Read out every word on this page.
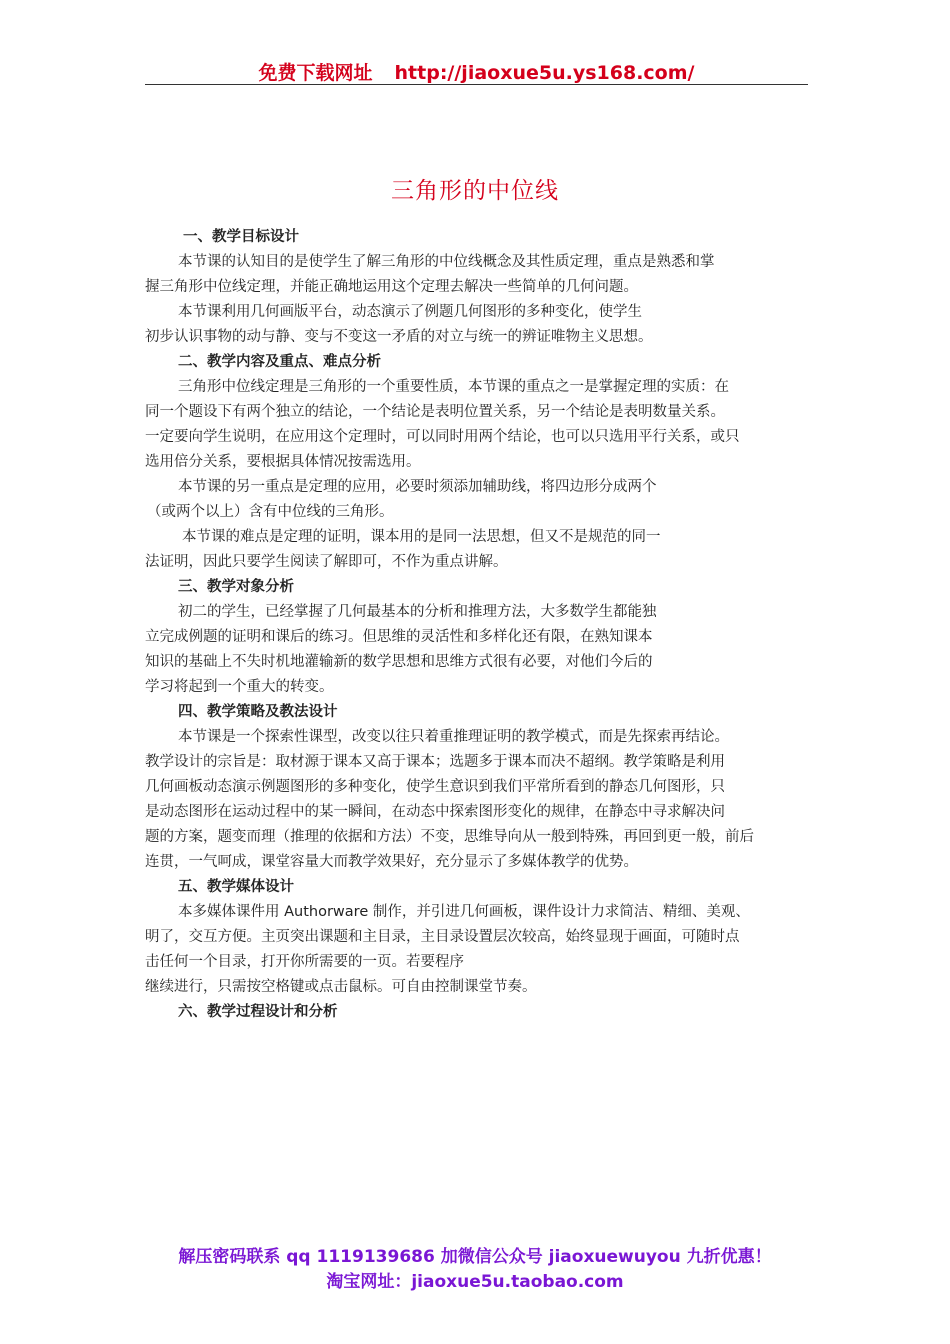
免费下载网址 http://jiaoxue5u.ys168.com/
三角形的中位线
一、教学目标设计
本节课的认知目的是使学生了解三角形的中位线概念及其性质定理，重点是熟悉和掌
握三角形中位线定理，并能正确地运用这个定理去解决一些简单的几何问题。
本节课利用几何画版平台，动态演示了例题几何图形的多种变化，使学生
初步认识事物的动与静、变与不变这一矛盾的对立与统一的辨证唯物主义思想。
二、教学内容及重点、难点分析
三角形中位线定理是三角形的一个重要性质，本节课的重点之一是掌握定理的实质：在
同一个题设下有两个独立的结论，一个结论是表明位置关系，另一个结论是表明数量关系。
一定要向学生说明，在应用这个定理时，可以同时用两个结论，也可以只选用平行关系，或只
选用倍分关系，要根据具体情况按需选用。
本节课的另一重点是定理的应用，必要时须添加辅助线，将四边形分成两个
（或两个以上）含有中位线的三角形。
本节课的难点是定理的证明，课本用的是同一法思想，但又不是规范的同一
法证明，因此只要学生阅读了解即可，不作为重点讲解。
三、教学对象分析
初二的学生，已经掌握了几何最基本的分析和推理方法，大多数学生都能独
立完成例题的证明和课后的练习。但思维的灵活性和多样化还有限，在熟知课本
知识的基础上不失时机地灌输新的数学思想和思维方式很有必要，对他们今后的
学习将起到一个重大的转变。
四、教学策略及教法设计
本节课是一个探索性课型，改变以往只着重推理证明的教学模式，而是先探索再结论。
教学设计的宗旨是：取材源于课本又高于课本；选题多于课本而决不超纲。教学策略是利用
几何画板动态演示例题图形的多种变化，使学生意识到我们平常所看到的静态几何图形，只
是动态图形在运动过程中的某一瞬间，在动态中探索图形变化的规律，在静态中寻求解决问
题的方案，题变而理（推理的依据和方法）不变，思维导向从一般到特殊，再回到更一般，前后
连贯，一气呵成，课堂容量大而教学效果好，充分显示了多媒体教学的优势。
五、教学媒体设计
本多媒体课件用 Authorware 制作，并引进几何画板，课件设计力求简洁、精细、美观、
明了，交互方便。主页突出课题和主目录，主目录设置层次较高，始终显现于画面，可随时点
击任何一个目录，打开你所需要的一页。若要程序
继续进行，只需按空格键或点击鼠标。可自由控制课堂节奏。
六、教学过程设计和分析
解压密码联系 qq 1119139686 加微信公众号 jiaoxuewuyou 九折优惠！
淘宝网址：jiaoxue5u.taobao.com
